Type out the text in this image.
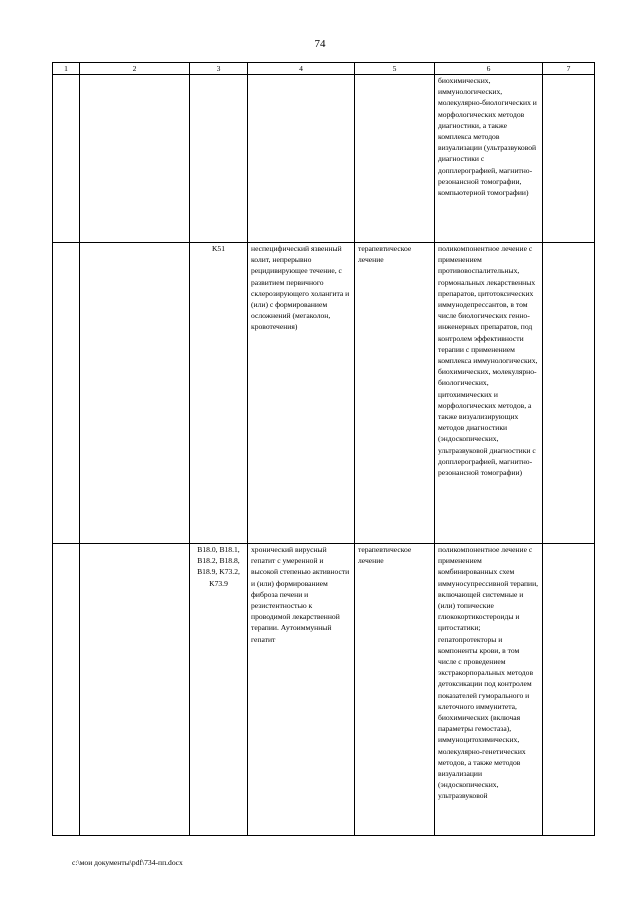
74
1	2	3	4	5	6	7
					биохимических, иммунологических, молекулярно-биологических и морфологических методов диагностики, а также комплекса методов визуализации (ультразвуковой диагностики с допплерографией, магнитно-резонансной томографии, компьютерной томографии)	
		K51	неспецифический язвенный колит, непрерывно рецидивирующее течение, с развитием первичного склерозирующего холангита и (или) с формированием осложнений (мегаколон, кровотечения)	терапевтическое лечение	поликомпонентное лечение с применением противовоспалительных, гормональных лекарственных препаратов, цитотоксических иммунодепрессантов, в том числе биологических генно-инженерных препаратов, под контролем эффективности терапии с применением комплекса иммунологических, биохимических, молекулярно-биологических, цитохимических и морфологических методов, а также визуализирующих методов диагностики (эндоскопических, ультразвуковой диагностики с допплерографией, магнитно-резонансной томографии)	
		B18.0, B18.1, B18.2, B18.8, B18.9, K73.2, K73.9	хронический вирусный гепатит с умеренной и высокой степенью активности и (или) формированием фиброза печени и резистентностью к проводимой лекарственной терапии. Аутоиммунный гепатит	терапевтическое лечение	поликомпонентное лечение с применением комбинированных схем иммуносупрессивной терапии, включающей системные и (или) топические глюкокортикостероиды и цитостатики; гепатопротекторы и компоненты крови, в том числе с проведением экстракорпоральных методов детоксикации под контролем показателей гуморального и клеточного иммунитета, биохимических (включая параметры гемостаза), иммуноцитохимических, молекулярно-генетических методов, а также методов визуализации (эндоскопических, ультразвуковой	
c:\мои документы\pdf\734-пп.docx
